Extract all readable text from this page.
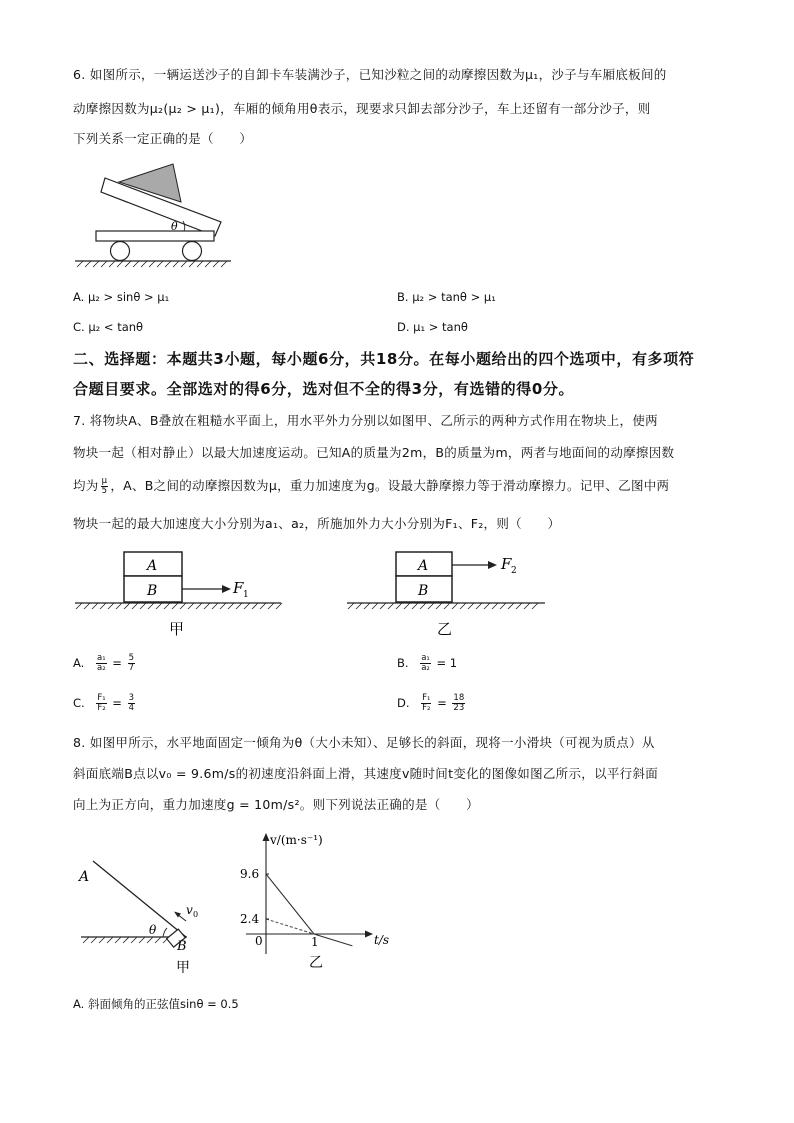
6. 如图所示，一辆运送沙子的自卸卡车装满沙子，已知沙粒之间的动摩擦因数为μ₁，沙子与车厢底板间的
动摩擦因数为μ₂(μ₂ > μ₁)，车厢的倾角用θ表示，现要求只卸去部分沙子，车上还留有一部分沙子，则
下列关系一定正确的是（　　）
θ
A. μ₂ > sinθ > μ₁	B. μ₂ > tanθ > μ₁
C. μ₂ < tanθ	D. μ₁ > tanθ
二、选择题：本题共3小题，每小题6分，共18分。在每小题给出的四个选项中，有多项符
合题目要求。全部选对的得6分，选对但不全的得3分，有选错的得0分。
7. 将物块A、B叠放在粗糙水平面上，用水平外力分别以如图甲、乙所示的两种方式作用在物块上，使两
物块一起（相对静止）以最大加速度运动。已知A的质量为2m，B的质量为m，两者与地面间的动摩擦因数
均为 $\frac{\mu}{5}$ ，A、B之间的动摩擦因数为μ，重力加速度为g。设最大静摩擦力等于滑动摩擦力。记甲、乙图中两
物块一起的最大加速度大小分别为a₁、a₂，所施加外力大小分别为F₁、F₂，则（　　）
A
B	F 1
甲
A
B
F 2
乙
A. $\frac{\text{a₁}}{\text{a₂}} = \frac{5}{7}$	B. $\frac{\text{a₁}}{\text{a₂}} = 1$
C. $\frac{\text{F₁}}{\text{F₂}} = \frac{3}{4}$	D. $\frac{\text{F₁}}{\text{F₂}} = \frac{18}{23}$
8. 如图甲所示，水平地面固定一倾角为θ（大小未知）、足够长的斜面，现将一小滑块（可视为质点）从
斜面底端B点以v₀ = 9.6m/s的初速度沿斜面上滑，其速度v随时间t变化的图像如图乙所示，以平行斜面
向上为正方向，重力加速度g = 10m/s²。则下列说法正确的是（　　）
A
θ
v 0
B
甲
v/(m·s⁻¹)
t/s
0
9.6
2.4
1
乙
A. 斜面倾角的正弦值sinθ = 0.5
